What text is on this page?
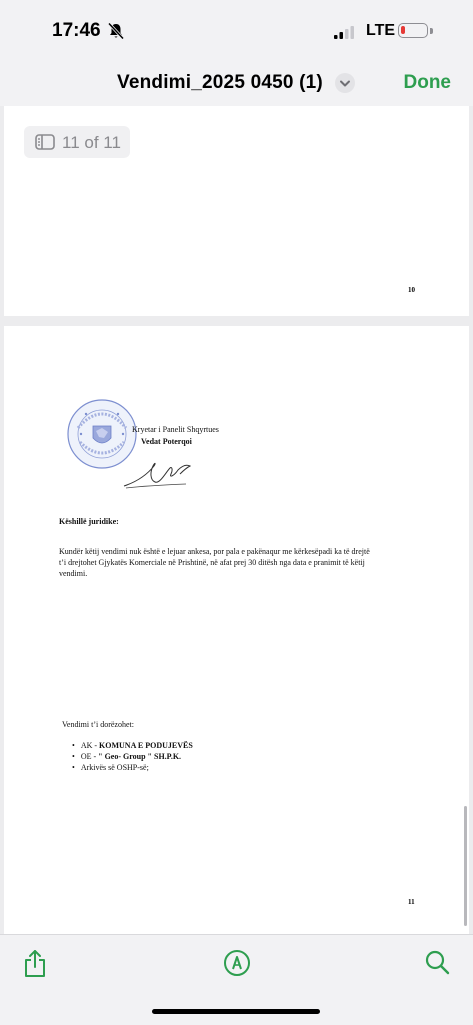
17:46	LTE
Vendimi_2025 0450 (1)	Done
10
11 of 11
11
Kryetar i Panelit Shqyrtues
Vedat Poterqoi
Këshillë juridike:
Kundër këtij vendimi nuk është e lejuar ankesa, por pala e pakënaqur me kërkesëpadi ka të drejtë
t’i drejtohet Gjykatës Komerciale në Prishtinë, në afat prej 30 ditësh nga data e pranimit të këtij
vendimi.
Vendimi t’i dorëzohet:
•   AK - KOMUNA E PODUJEVËS
•   OE - " Geo- Group " SH.P.K.
•   Arkivës së OSHP-së;
